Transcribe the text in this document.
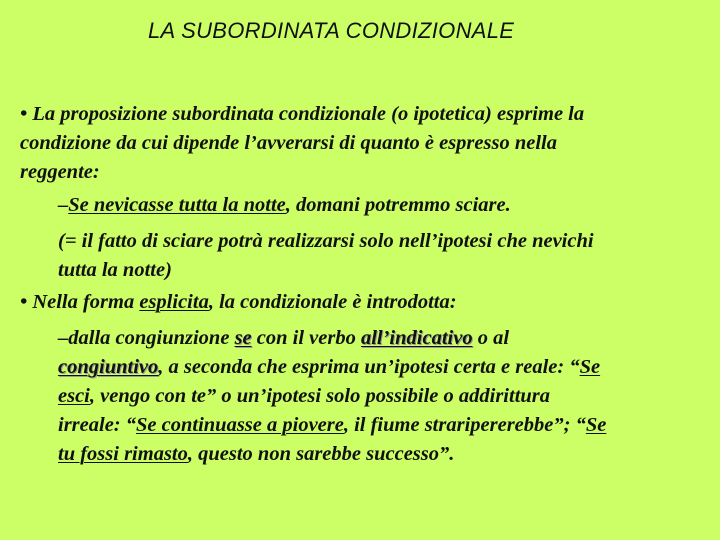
LA SUBORDINATA CONDIZIONALE
• La proposizione subordinata condizionale (o ipotetica) esprime la
condizione da cui dipende l’avverarsi di quanto è espresso nella
reggente:
–Se nevicasse tutta la notte, domani potremmo sciare.
(= il fatto di sciare potrà realizzarsi solo nell’ipotesi che nevichi
tutta la notte)
• Nella forma esplicita, la condizionale è introdotta:
–dalla congiunzione se con il verbo all’indicativo o al
congiuntivo, a seconda che esprima un’ipotesi certa e reale: “Se
esci, vengo con te” o un’ipotesi solo possibile o addirittura
irreale: “Se continuasse a piovere, il fiume straripererebbe”; “Se
tu fossi rimasto, questo non sarebbe successo”.
